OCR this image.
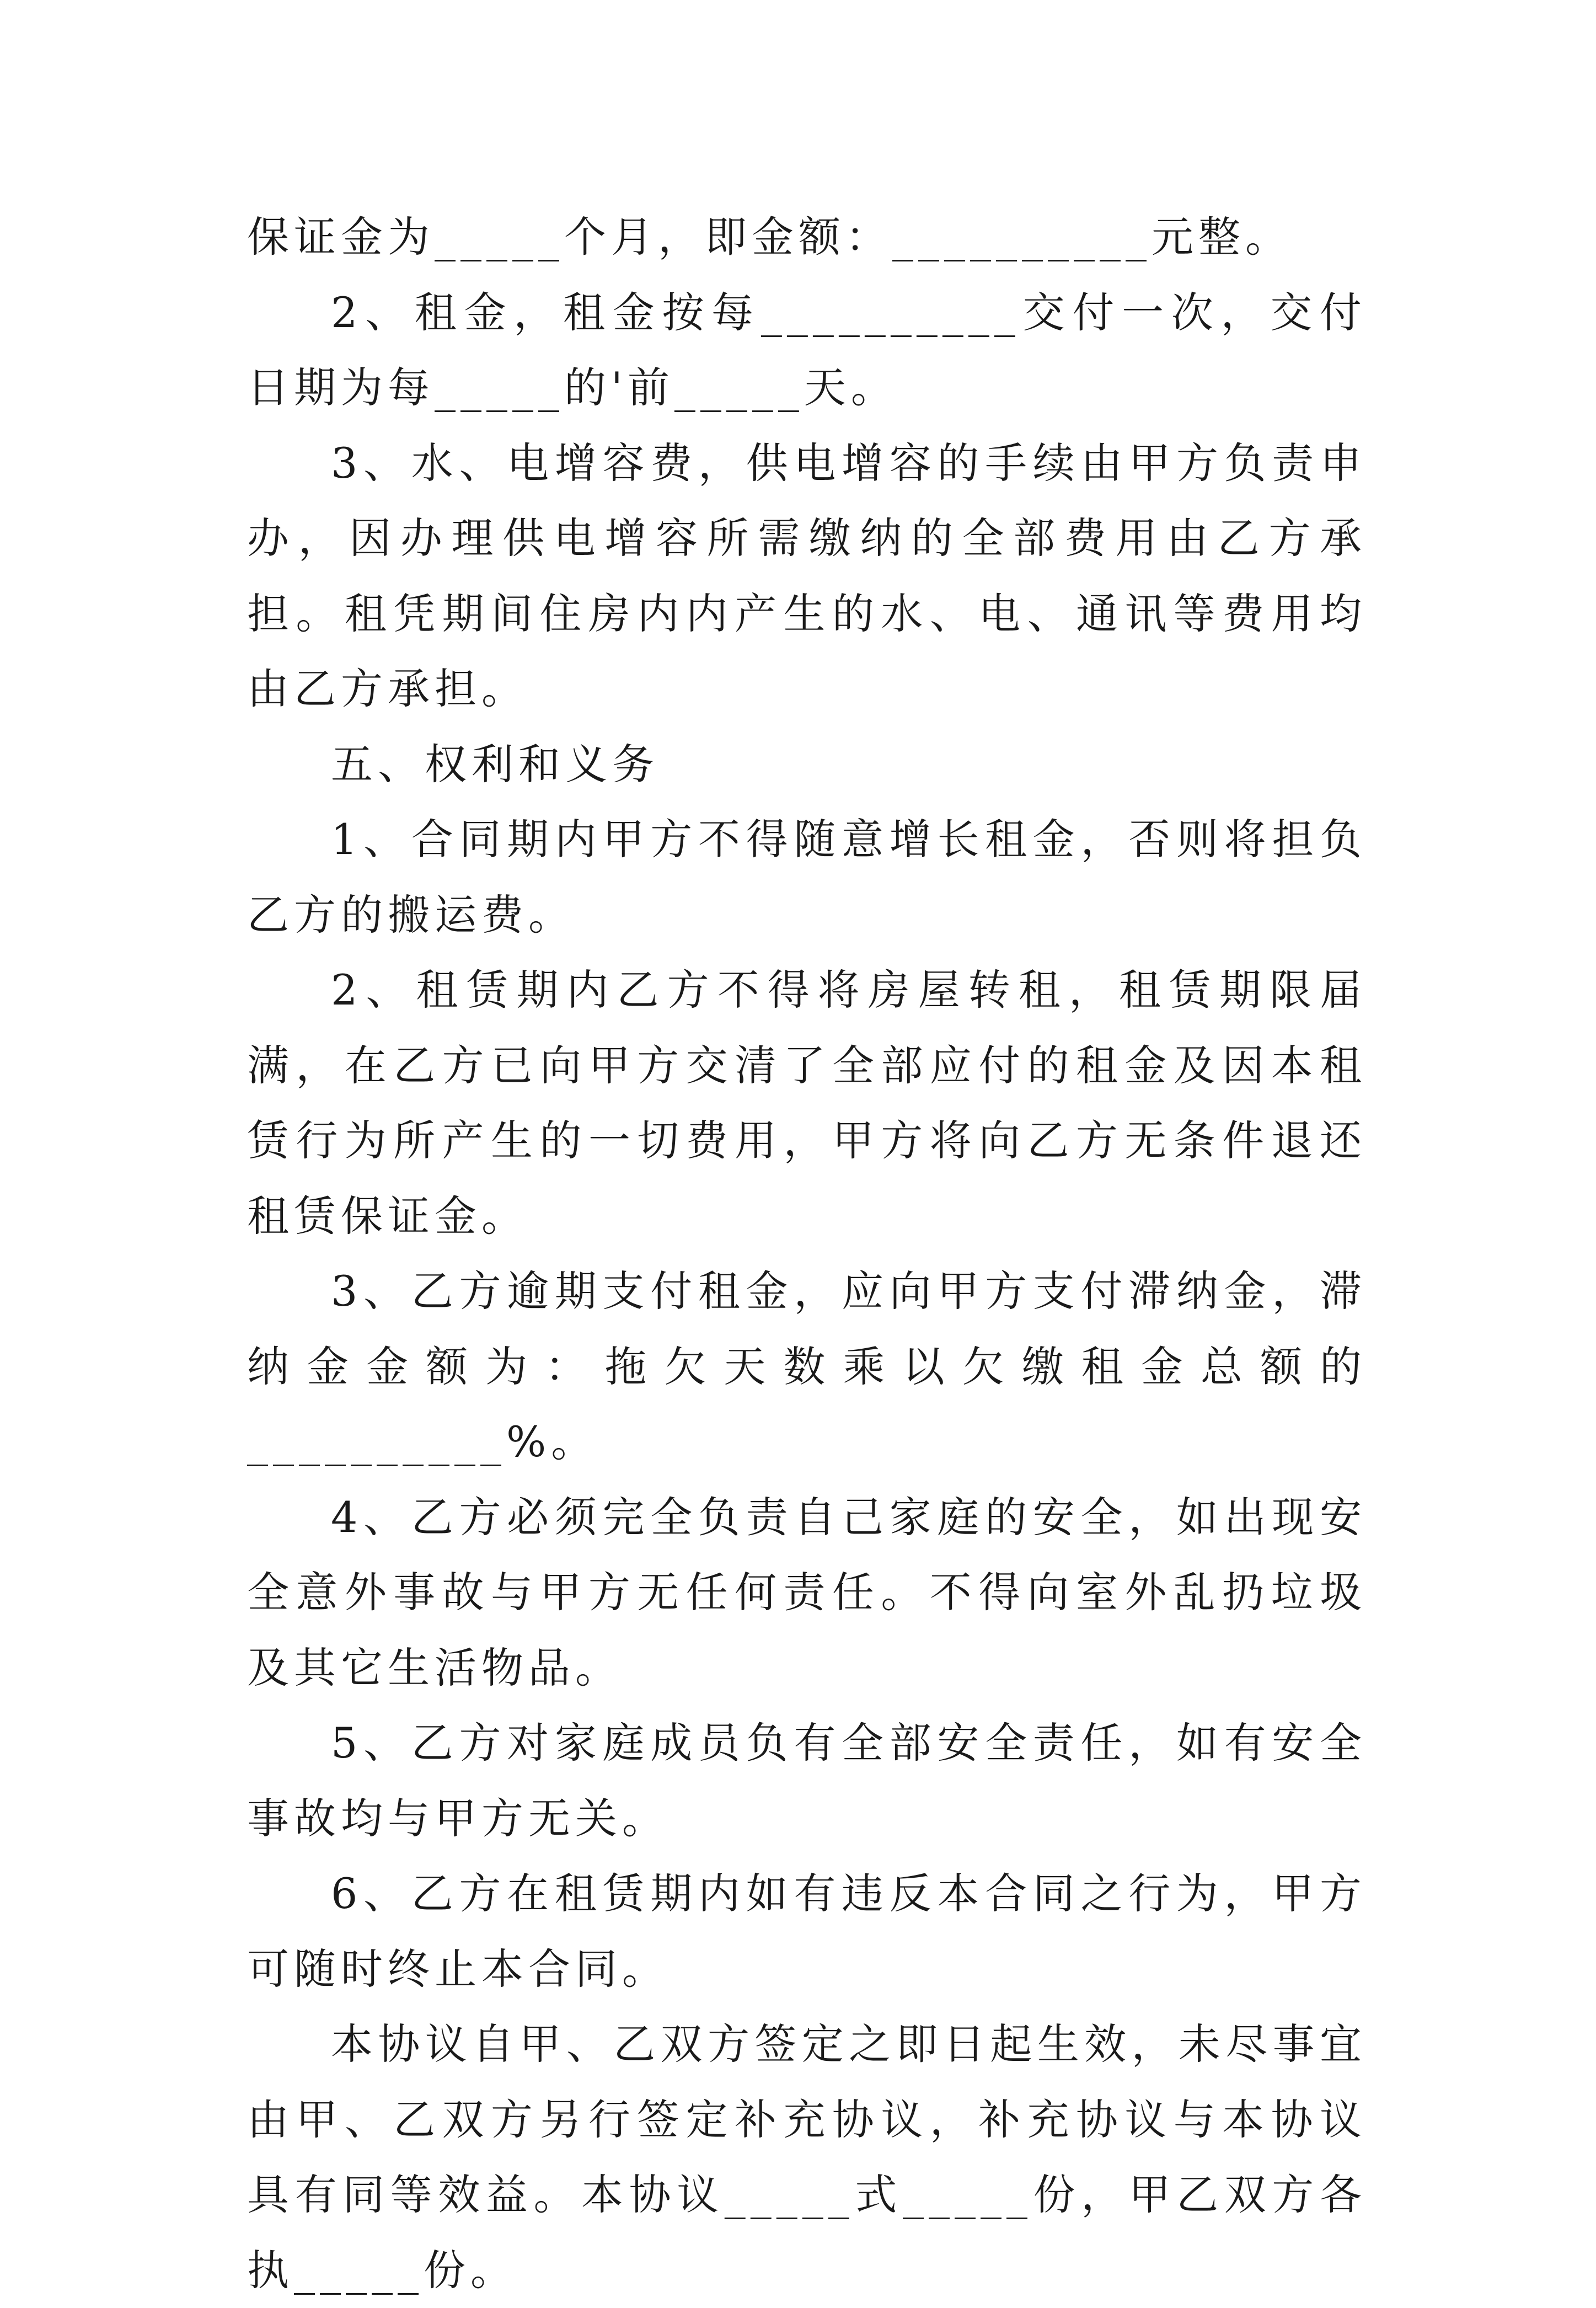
保证金为_____个月，即金额：__________元整。

2、租金，租金按每__________交付一次，交付日期为每_____的'前_____天。

3、水、电增容费，供电增容的手续由甲方负责申办，因办理供电增容所需缴纳的全部费用由乙方承担。租凭期间住房内内产生的水、电、通讯等费用均由乙方承担。

五、权利和义务

1、合同期内甲方不得随意增长租金，否则将担负乙方的搬运费。

2、租赁期内乙方不得将房屋转租，租赁期限届满，在乙方已向甲方交清了全部应付的租金及因本租赁行为所产生的一切费用，甲方将向乙方无条件退还租赁保证金。

3、乙方逾期支付租金，应向甲方支付滞纳金，滞纳金金额为：拖欠天数乘以欠缴租金总额的__________%。

4、乙方必须完全负责自己家庭的安全，如出现安全意外事故与甲方无任何责任。不得向室外乱扔垃圾及其它生活物品。

5、乙方对家庭成员负有全部安全责任，如有安全事故均与甲方无关。

6、乙方在租赁期内如有违反本合同之行为，甲方可随时终止本合同。

本协议自甲、乙双方签定之即日起生效，未尽事宜由甲、乙双方另行签定补充协议，补充协议与本协议具有同等效益。本协议_____式_____份，甲乙双方各执_____份。
